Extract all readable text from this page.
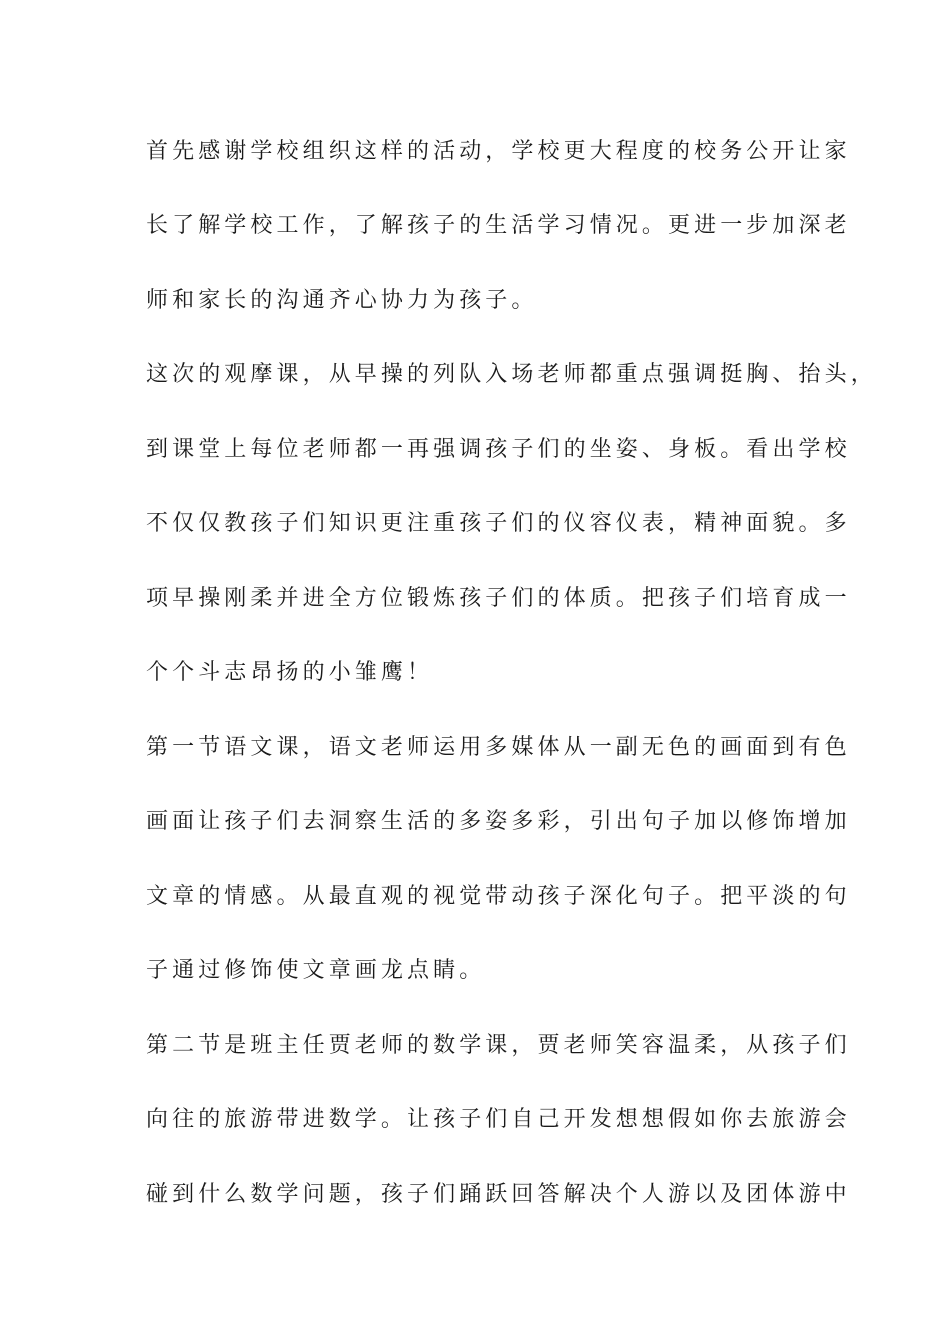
首先感谢学校组织这样的活动，学校更大程度的校务公开让家
长了解学校工作，了解孩子的生活学习情况。更进一步加深老
师和家长的沟通齐心协力为孩子。
这次的观摩课，从早操的列队入场老师都重点强调挺胸、抬头，
到课堂上每位老师都一再强调孩子们的坐姿、身板。看出学校
不仅仅教孩子们知识更注重孩子们的仪容仪表，精神面貌。多
项早操刚柔并进全方位锻炼孩子们的体质。把孩子们培育成一
个个斗志昂扬的小雏鹰！
第一节语文课，语文老师运用多媒体从一副无色的画面到有色
画面让孩子们去洞察生活的多姿多彩，引出句子加以修饰增加
文章的情感。从最直观的视觉带动孩子深化句子。把平淡的句
子通过修饰使文章画龙点睛。
第二节是班主任贾老师的数学课，贾老师笑容温柔，从孩子们
向往的旅游带进数学。让孩子们自己开发想想假如你去旅游会
碰到什么数学问题，孩子们踊跃回答解决个人游以及团体游中
